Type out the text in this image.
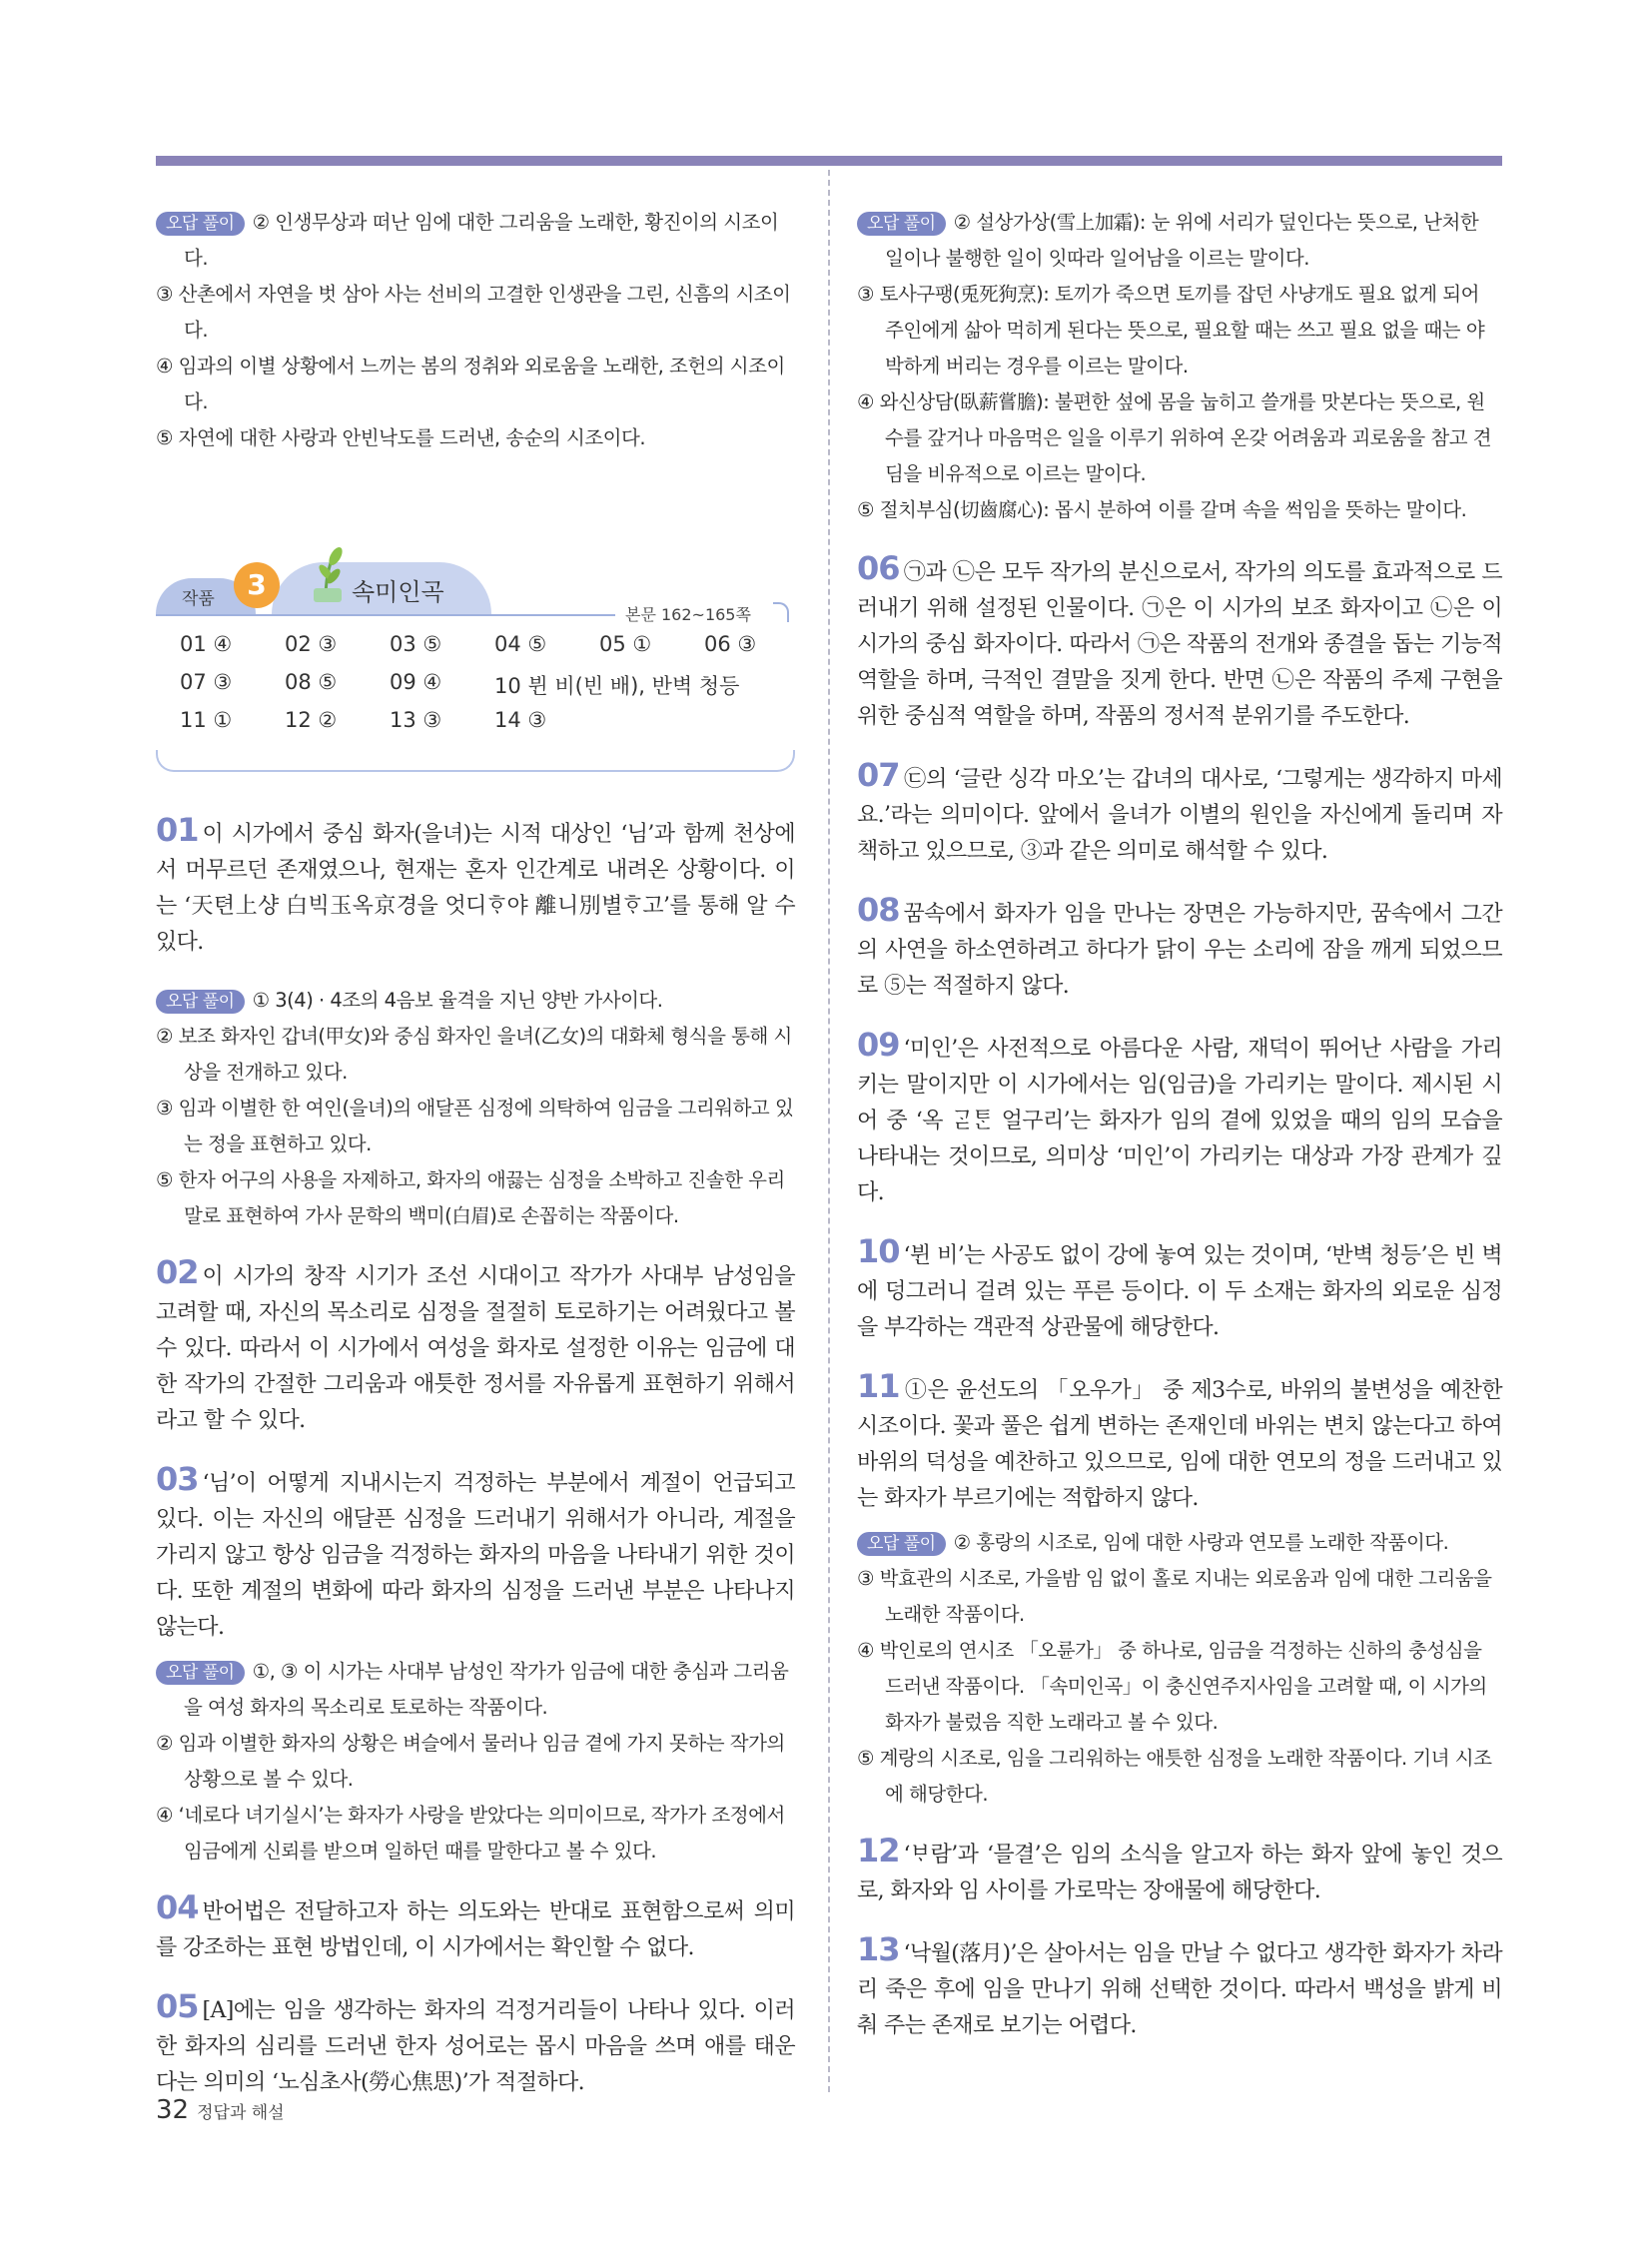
오답 풀이 ② 인생무상과 떠난 임에 대한 그리움을 노래한, 황진이의 시조이다.
③ 산촌에서 자연을 벗 삼아 사는 선비의 고결한 인생관을 그린, 신흠의 시조이다.
④ 임과의 이별 상황에서 느끼는 봄의 정취와 외로움을 노래한, 조헌의 시조이다.
⑤ 자연에 대한 사랑과 안빈낙도를 드러낸, 송순의 시조이다.
작품	3	속미인곡
본문 162~165쪽
01 ④	02 ③	03 ⑤	04 ⑤	05 ①	06 ③
07 ③	08 ⑤	09 ④	10 뷘 비(빈 배), 반벽 청등
11 ①	12 ②	13 ③	14 ③
01 이 시가에서 중심 화자(을녀)는 시적 대상인 ‘님’과 함께 천상에서 머무르던 존재였으나, 현재는 혼자 인간계로 내려온 상황이다. 이는 ‘天텬上샹 白빅玉옥京경을 엇디ᄒᆞ야 離니別별ᄒᆞ고’를 통해 알 수 있다.
오답 풀이 ① 3(4) · 4조의 4음보 율격을 지닌 양반 가사이다.
② 보조 화자인 갑녀(甲女)와 중심 화자인 을녀(乙女)의 대화체 형식을 통해 시상을 전개하고 있다.
③ 임과 이별한 한 여인(을녀)의 애달픈 심정에 의탁하여 임금을 그리워하고 있는 정을 표현하고 있다.
⑤ 한자 어구의 사용을 자제하고, 화자의 애끓는 심정을 소박하고 진솔한 우리말로 표현하여 가사 문학의 백미(白眉)로 손꼽히는 작품이다.
02 이 시가의 창작 시기가 조선 시대이고 작가가 사대부 남성임을 고려할 때, 자신의 목소리로 심정을 절절히 토로하기는 어려웠다고 볼 수 있다. 따라서 이 시가에서 여성을 화자로 설정한 이유는 임금에 대한 작가의 간절한 그리움과 애틋한 정서를 자유롭게 표현하기 위해서라고 할 수 있다.
03 ‘님’이 어떻게 지내시는지 걱정하는 부분에서 계절이 언급되고 있다. 이는 자신의 애달픈 심정을 드러내기 위해서가 아니라, 계절을 가리지 않고 항상 임금을 걱정하는 화자의 마음을 나타내기 위한 것이다. 또한 계절의 변화에 따라 화자의 심정을 드러낸 부분은 나타나지 않는다.
오답 풀이 ①, ③ 이 시가는 사대부 남성인 작가가 임금에 대한 충심과 그리움을 여성 화자의 목소리로 토로하는 작품이다.
② 임과 이별한 화자의 상황은 벼슬에서 물러나 임금 곁에 가지 못하는 작가의 상황으로 볼 수 있다.
④ ‘네로다 녀기실시’는 화자가 사랑을 받았다는 의미이므로, 작가가 조정에서 임금에게 신뢰를 받으며 일하던 때를 말한다고 볼 수 있다.
04 반어법은 전달하고자 하는 의도와는 반대로 표현함으로써 의미를 강조하는 표현 방법인데, 이 시가에서는 확인할 수 없다.
05 [A]에는 임을 생각하는 화자의 걱정거리들이 나타나 있다. 이러한 화자의 심리를 드러낸 한자 성어로는 몹시 마음을 쓰며 애를 태운다는 의미의 ‘노심초사(勞心焦思)’가 적절하다.
오답 풀이 ② 설상가상(雪上加霜): 눈 위에 서리가 덮인다는 뜻으로, 난처한 일이나 불행한 일이 잇따라 일어남을 이르는 말이다.
③ 토사구팽(兎死狗烹): 토끼가 죽으면 토끼를 잡던 사냥개도 필요 없게 되어 주인에게 삶아 먹히게 된다는 뜻으로, 필요할 때는 쓰고 필요 없을 때는 야박하게 버리는 경우를 이르는 말이다.
④ 와신상담(臥薪嘗膽): 불편한 섶에 몸을 눕히고 쓸개를 맛본다는 뜻으로, 원수를 갚거나 마음먹은 일을 이루기 위하여 온갖 어려움과 괴로움을 참고 견딤을 비유적으로 이르는 말이다.
⑤ 절치부심(切齒腐心): 몹시 분하여 이를 갈며 속을 썩임을 뜻하는 말이다.
06 ㉠과 ㉡은 모두 작가의 분신으로서, 작가의 의도를 효과적으로 드러내기 위해 설정된 인물이다. ㉠은 이 시가의 보조 화자이고 ㉡은 이 시가의 중심 화자이다. 따라서 ㉠은 작품의 전개와 종결을 돕는 기능적 역할을 하며, 극적인 결말을 짓게 한다. 반면 ㉡은 작품의 주제 구현을 위한 중심적 역할을 하며, 작품의 정서적 분위기를 주도한다.
07 ㉢의 ‘글란 싱각 마오’는 갑녀의 대사로, ‘그렇게는 생각하지 마세요.’라는 의미이다. 앞에서 을녀가 이별의 원인을 자신에게 돌리며 자책하고 있으므로, ③과 같은 의미로 해석할 수 있다.
08 꿈속에서 화자가 임을 만나는 장면은 가능하지만, 꿈속에서 그간의 사연을 하소연하려고 하다가 닭이 우는 소리에 잠을 깨게 되었으므로 ⑤는 적절하지 않다.
09 ‘미인’은 사전적으로 아름다운 사람, 재덕이 뛰어난 사람을 가리키는 말이지만 이 시가에서는 임(임금)을 가리키는 말이다. 제시된 시어 중 ‘옥 ᄀᆞᆮᄐᆞᆫ 얼구리’는 화자가 임의 곁에 있었을 때의 임의 모습을 나타내는 것이므로, 의미상 ‘미인’이 가리키는 대상과 가장 관계가 깊다.
10 ‘뷘 비’는 사공도 없이 강에 놓여 있는 것이며, ‘반벽 청등’은 빈 벽에 덩그러니 걸려 있는 푸른 등이다. 이 두 소재는 화자의 외로운 심정을 부각하는 객관적 상관물에 해당한다.
11 ①은 윤선도의 「오우가」 중 제3수로, 바위의 불변성을 예찬한 시조이다. 꽃과 풀은 쉽게 변하는 존재인데 바위는 변치 않는다고 하여 바위의 덕성을 예찬하고 있으므로, 임에 대한 연모의 정을 드러내고 있는 화자가 부르기에는 적합하지 않다.
오답 풀이 ② 홍랑의 시조로, 임에 대한 사랑과 연모를 노래한 작품이다.
③ 박효관의 시조로, 가을밤 임 없이 홀로 지내는 외로움과 임에 대한 그리움을 노래한 작품이다.
④ 박인로의 연시조 「오륜가」 중 하나로, 임금을 걱정하는 신하의 충성심을 드러낸 작품이다. 「속미인곡」이 충신연주지사임을 고려할 때, 이 시가의 화자가 불렀음 직한 노래라고 볼 수 있다.
⑤ 계랑의 시조로, 임을 그리워하는 애틋한 심정을 노래한 작품이다. 기녀 시조에 해당한다.
12 ‘ᄇᆞ람’과 ‘믈결’은 임의 소식을 알고자 하는 화자 앞에 놓인 것으로, 화자와 임 사이를 가로막는 장애물에 해당한다.
13 ‘낙월(落月)’은 살아서는 임을 만날 수 없다고 생각한 화자가 차라리 죽은 후에 임을 만나기 위해 선택한 것이다. 따라서 백성을 밝게 비춰 주는 존재로 보기는 어렵다.
32 정답과 해설
